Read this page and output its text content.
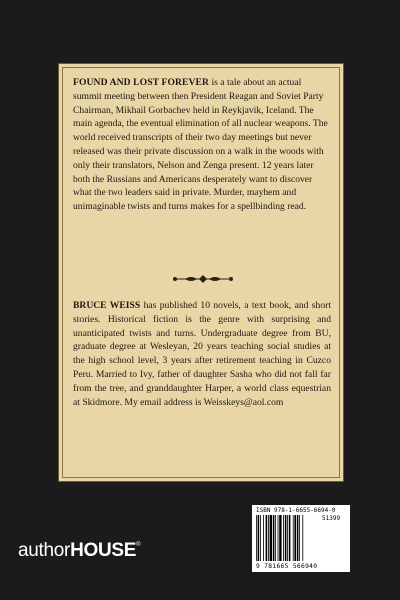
FOUND AND LOST FOREVER is a tale about an actual summit meeting between then President Reagan and Soviet Party Chairman, Mikhail Gorbachev held in Reykjavik, Iceland. The main agenda, the eventual elimination of all nuclear weapons. The world received transcripts of their two day meetings but never released was their private discussion on a walk in the woods with only their translators, Nelson and Zenga present. 12 years later both the Russians and Americans desperately want to discover what the two leaders said in private. Murder, mayhem and unimaginable twists and turns makes for a spellbinding read.

BRUCE WEISS has published 10 novels, a text book, and short stories. Historical fiction is the genre with surprising and unanticipated twists and turns. Undergraduate degree from BU, graduate degree at Wesleyan, 20 years teaching social studies at the high school level, 3 years after retirement teaching in Cuzco Peru. Married to Ivy, father of daughter Sasha who did not fall far from the tree, and granddaughter Harper, a world class equestrian at Skidmore. My email address is Weisskeys@aol.com

ISBN 978-1-6655-6694-0
51399
9 781665 566940
authorHOUSE®
